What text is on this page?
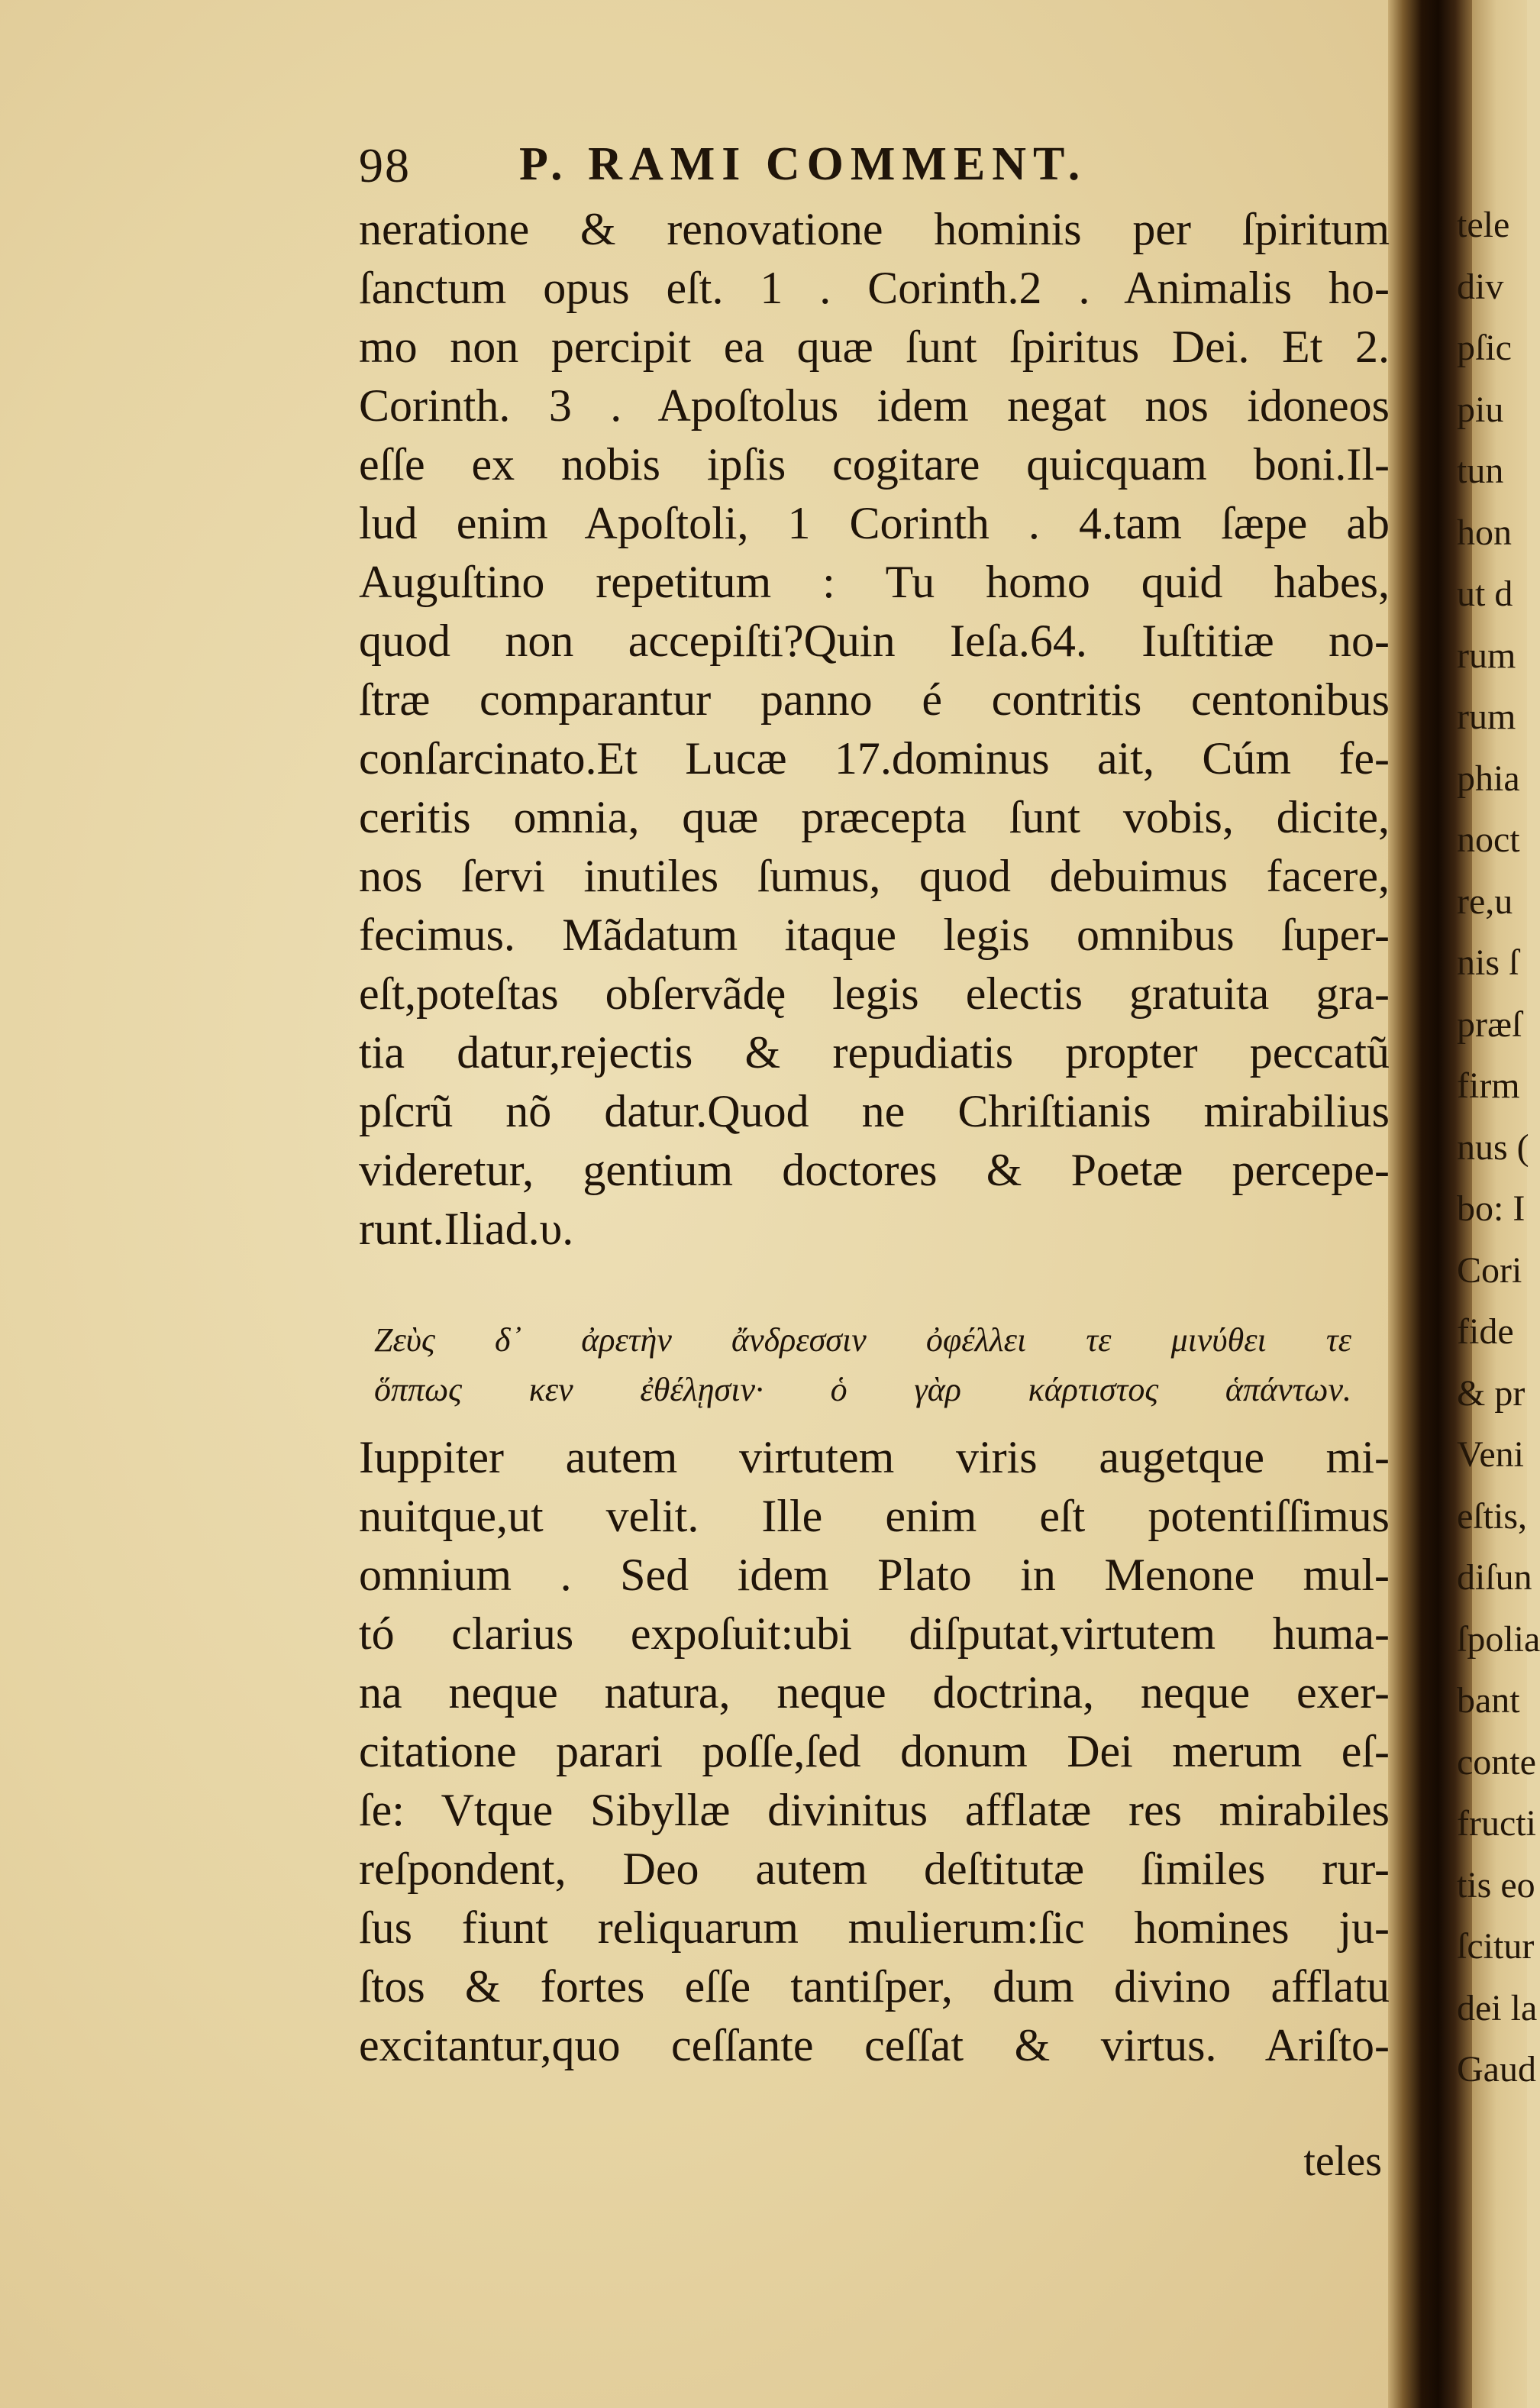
98 P. RAMI COMMENT.
neratione & renovatione hominis per ſpiritum
ſanctum opus eſt. 1 . Corinth.2 . Animalis ho-
mo non percipit ea quæ ſunt ſpiritus Dei. Et 2.
Corinth. 3 . Apoſtolus idem negat nos idoneos
eſſe ex nobis ipſis cogitare quicquam boni.Il-
lud enim Apoſtoli, 1 Corinth . 4.tam ſæpe ab
Auguſtino repetitum : Tu homo quid habes,
quod non accepiſti?Quin Ieſa.64. Iuſtitiæ no-
ſtræ comparantur panno é contritis centonibus
conſarcinato.Et Lucæ 17.dominus ait, Cúm fe-
ceritis omnia, quæ præcepta ſunt vobis, dicite,
nos ſervi inutiles ſumus, quod debuimus facere,
fecimus. Mãdatum itaque legis omnibus ſuper-
eſt,poteſtas obſervãdę legis electis gratuita gra-
tia datur,rejectis & repudiatis propter peccatũ
pſcrũ nõ datur.Quod ne Chriſtianis mirabilius
videretur, gentium doctores & Poetæ percepe-
runt.Iliad.υ.
Ζεὺς δ᾽ ἀρετὴν ἄνδρεσσιν ὀφέλλει τε μινύθει τε
ὅππως κεν ἐθέλῃσιν· ὁ γὰρ κάρτιστος ἁπάντων.
Iuppiter autem virtutem viris augetque mi-
nuitque,ut velit. Ille enim eſt potentiſſimus
omnium . Sed idem Plato in Menone mul-
tó clarius expoſuit:ubi diſputat,virtutem huma-
na neque natura, neque doctrina, neque exer-
citatione parari poſſe,ſed donum Dei merum eſ-
ſe: Vtque Sibyllæ divinitus afflatæ res mirabiles
reſpondent, Deo autem deſtitutæ ſimiles rur-
ſus fiunt reliquarum mulierum:ſic homines ju-
ſtos & fortes eſſe tantiſper, dum divino afflatu
excitantur,quo ceſſante ceſſat & virtus. Ariſto-
teles
tele
div
pſic
piu
tun
hon
ut d
rum
rum
phia
noct
re,u
nis ſ
præſ
firm
nus (
bo: I
Cori
fide
& pr
Veni
eſtis,
diſun
ſpolia
bant
conte
fructi
tis eo
ſcitur
dei la
Gaud
